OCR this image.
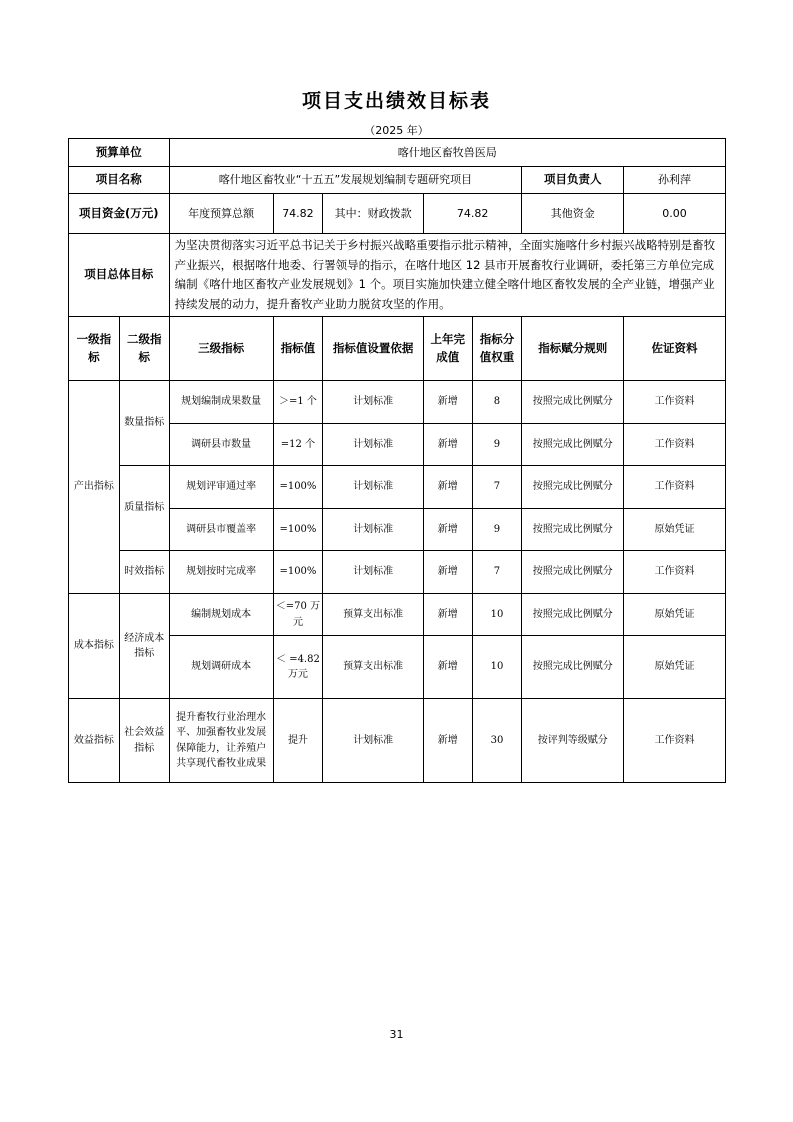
项目支出绩效目标表
（2025 年）
预算单位		喀什地区畜牧兽医局						
项目名称		喀什地区畜牧业“十五五”发展规划编制专题研究项目					项目负责人	孙利萍
项目资金(万元)		年度预算总额	74.82	其中：财政拨款	74.82		其他资金	0.00
项目总体目标		为坚决贯彻落实习近平总书记关于乡村振兴战略重要指示批示精神，全面实施喀什乡村振兴战略特别是畜牧产业振兴，根据喀什地委、行署领导的指示，在喀什地区 12 县市开展畜牧行业调研，委托第三方单位完成编制《喀什地区畜牧产业发展规划》1 个。项目实施加快建立健全喀什地区畜牧发展的全产业链，增强产业持续发展的动力，提升畜牧产业助力脱贫攻坚的作用。						
一级指标	二级指标	三级指标	指标值	指标值设置依据	上年完成值	指标分值权重	指标赋分规则	佐证资料
产出指标	数量指标	规划编制成果数量	＞=1 个	计划标准	新增	8	按照完成比例赋分	工作资料
		调研县市数量	=12 个	计划标准	新增	9	按照完成比例赋分	工作资料
	质量指标	规划评审通过率	=100%	计划标准	新增	7	按照完成比例赋分	工作资料
		调研县市覆盖率	=100%	计划标准	新增	9	按照完成比例赋分	原始凭证
	时效指标	规划按时完成率	=100%	计划标准	新增	7	按照完成比例赋分	工作资料
成本指标	经济成本指标	编制规划成本	＜=70 万元	预算支出标准	新增	10	按照完成比例赋分	原始凭证
		规划调研成本	＜ =4.82 万元	预算支出标准	新增	10	按照完成比例赋分	原始凭证
效益指标	社会效益指标	提升畜牧行业治理水平、加强畜牧业发展保障能力，让养殖户共享现代畜牧业成果	提升	计划标准	新增	30	按评判等级赋分	工作资料
31
